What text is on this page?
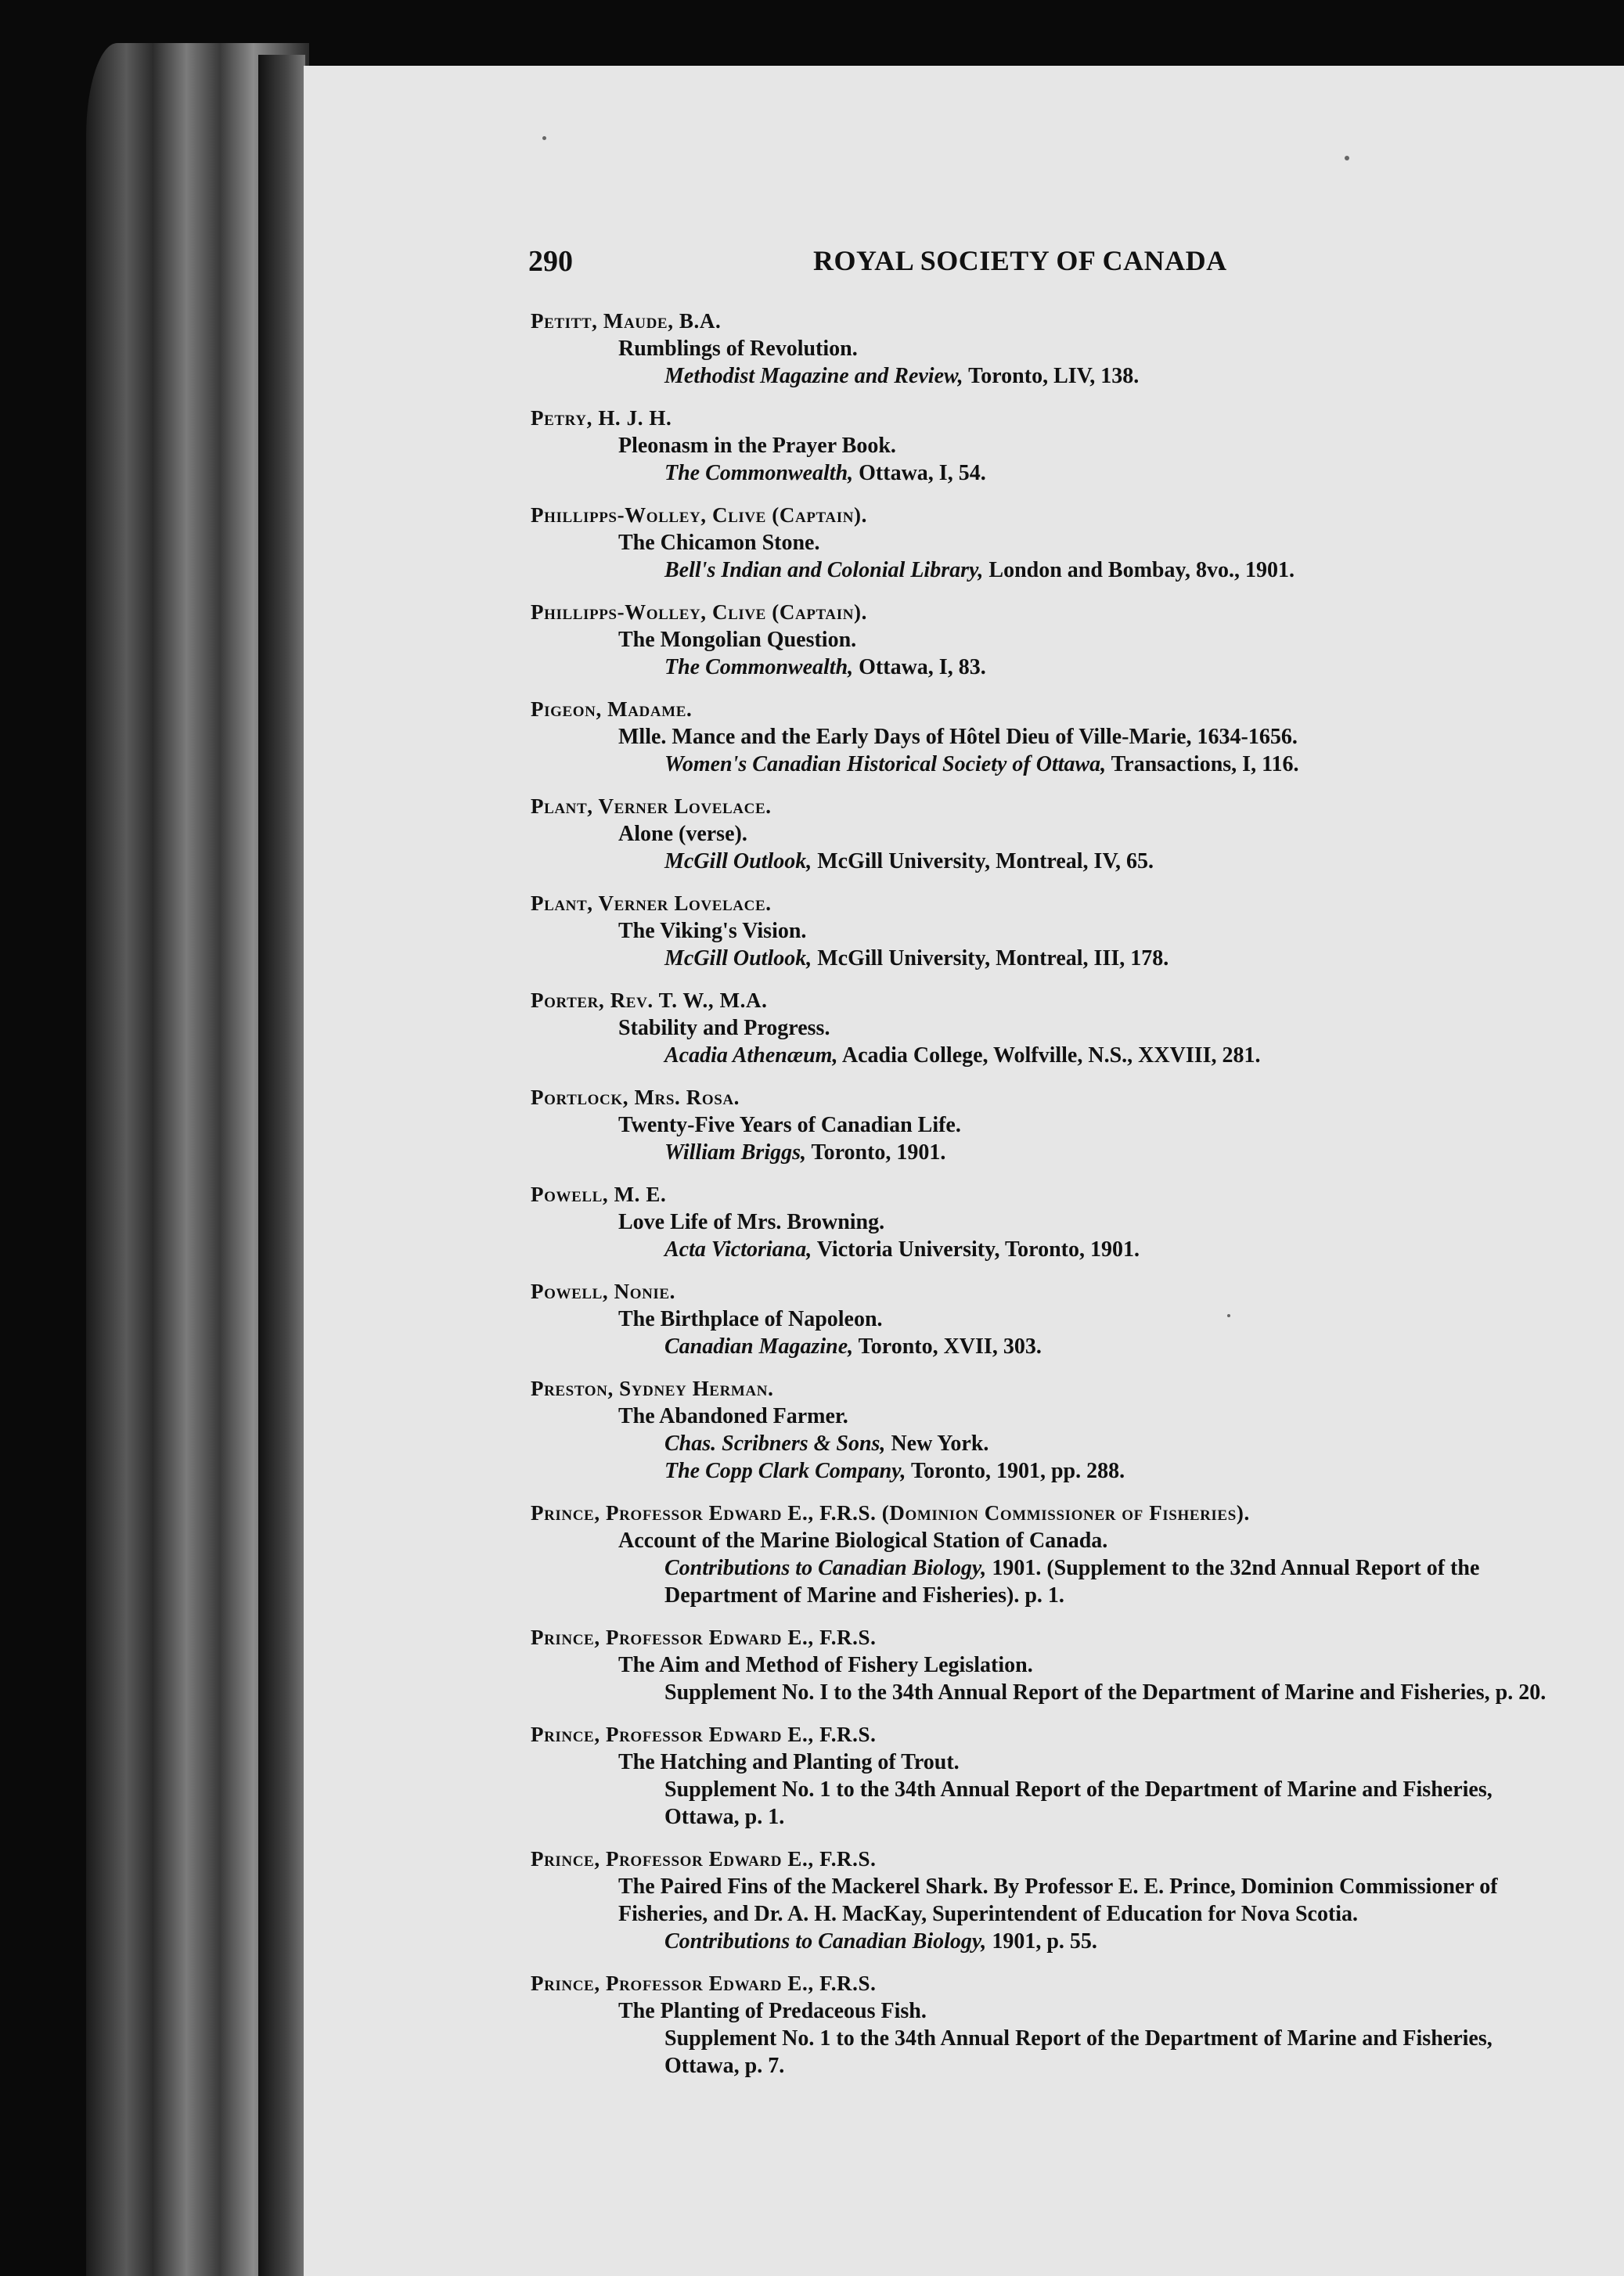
290	ROYAL SOCIETY OF CANADA
Petitt, Maude, B.A.
Rumblings of Revolution.
Methodist Magazine and Review, Toronto, LIV, 138.
Petry, H. J. H.
Pleonasm in the Prayer Book.
The Commonwealth, Ottawa, I, 54.
Phillipps-Wolley, Clive (Captain).
The Chicamon Stone.
Bell's Indian and Colonial Library, London and Bombay, 8vo., 1901.
Phillipps-Wolley, Clive (Captain).
The Mongolian Question.
The Commonwealth, Ottawa, I, 83.
Pigeon, Madame.
Mlle. Mance and the Early Days of Hôtel Dieu of Ville-Marie, 1634-1656.
Women's Canadian Historical Society of Ottawa, Transactions, I, 116.
Plant, Verner Lovelace.
Alone (verse).
McGill Outlook, McGill University, Montreal, IV, 65.
Plant, Verner Lovelace.
The Viking's Vision.
McGill Outlook, McGill University, Montreal, III, 178.
Porter, Rev. T. W., M.A.
Stability and Progress.
Acadia Athenæum, Acadia College, Wolfville, N.S., XXVIII, 281.
Portlock, Mrs. Rosa.
Twenty-Five Years of Canadian Life.
William Briggs, Toronto, 1901.
Powell, M. E.
Love Life of Mrs. Browning.
Acta Victoriana, Victoria University, Toronto, 1901.
Powell, Nonie.
The Birthplace of Napoleon.
Canadian Magazine, Toronto, XVII, 303.
Preston, Sydney Herman.
The Abandoned Farmer.
Chas. Scribners & Sons, New York.
The Copp Clark Company, Toronto, 1901, pp. 288.
Prince, Professor Edward E., F.R.S. (Dominion Commissioner of Fisheries).
Account of the Marine Biological Station of Canada.
Contributions to Canadian Biology, 1901. (Supplement to the 32nd Annual Report of the Department of Marine and Fisheries). p. 1.
Prince, Professor Edward E., F.R.S.
The Aim and Method of Fishery Legislation.
Supplement No. I to the 34th Annual Report of the Department of Marine and Fisheries, p. 20.
Prince, Professor Edward E., F.R.S.
The Hatching and Planting of Trout.
Supplement No. 1 to the 34th Annual Report of the Department of Marine and Fisheries, Ottawa, p. 1.
Prince, Professor Edward E., F.R.S.
The Paired Fins of the Mackerel Shark. By Professor E. E. Prince, Dominion Commissioner of Fisheries, and Dr. A. H. MacKay, Superintendent of Education for Nova Scotia.
Contributions to Canadian Biology, 1901, p. 55.
Prince, Professor Edward E., F.R.S.
The Planting of Predaceous Fish.
Supplement No. 1 to the 34th Annual Report of the Department of Marine and Fisheries, Ottawa, p. 7.
